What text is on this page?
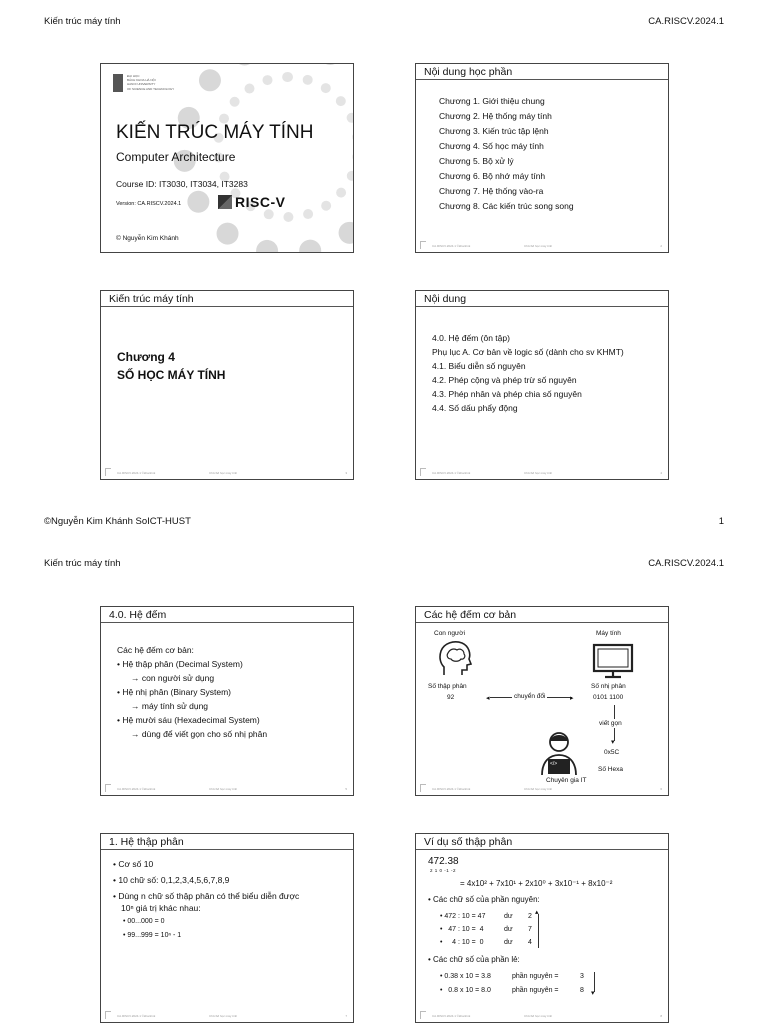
Kiến trúc máy tính	CA.RISCV.2024.1
ĐẠI HỌC
BÁCH KHOA HÀ NỘI
HANOI UNIVERSITY
OF SCIENCE AND TECHNOLOGY
KIẾN TRÚC MÁY TÍNH
Computer Architecture
Course ID: IT3030, IT3034, IT3283
Version: CA.RISCV.2024.1	RISC-V
© Nguyễn Kim Khánh
Nội dung học phần
Chương 1. Giới thiệu chung
Chương 2. Hệ thống máy tính
Chương 3. Kiến trúc tập lệnh
Chương 4. Số học máy tính
Chương 5. Bộ xử lý
Chương 6. Bộ nhớ máy tính
Chương 7. Hệ thống vào-ra
Chương 8. Các kiến trúc song song
CA.RISCV.2024.1 ©khanhnk	Ch4-Số học máy tính	2
Kiến trúc máy tính
Chương 4
SỐ HỌC MÁY TÍNH
CA.RISCV.2024.1 ©khanhnk	Ch4-Số học máy tính	3
Nội dung
4.0. Hệ đếm (ôn tập)
Phụ lục A. Cơ bản về logic số (dành cho sv KHMT)
4.1. Biểu diễn số nguyên
4.2. Phép cộng và phép trừ số nguyên
4.3. Phép nhân và phép chia số nguyên
4.4. Số dấu phẩy động
CA.RISCV.2024.1 ©khanhnk	Ch4-Số học máy tính	4
©Nguyễn Kim Khánh SoICT-HUST	1
Kiến trúc máy tính	CA.RISCV.2024.1
4.0. Hệ đếm
Các hệ đếm cơ bản:
• Hệ thập phân (Decimal System)
→ con người sử dụng
• Hệ nhị phân (Binary System)
→ máy tính sử dụng
• Hệ mười sáu (Hexadecimal System)
→ dùng để viết gọn cho số nhị phân
CA.RISCV.2024.1 ©khanhnk	Ch4-Số học máy tính	5
Các hệ đếm cơ bản
Con người	Máy tính
Số thập phân
92	◂	▸
chuyển đổi
Số nhị phân
0101 1100
▾
viết gọn
0x5C
Số Hexa
</>
Chuyên gia IT
CA.RISCV.2024.1 ©khanhnk	Ch4-Số học máy tính	6
1. Hệ thập phân
• Cơ số 10
• 10 chữ số: 0,1,2,3,4,5,6,7,8,9
• Dùng n chữ số thập phân có thể biểu diễn được
10ⁿ giá trị khác nhau:
• 00...000 = 0
• 99...999 = 10ⁿ - 1
CA.RISCV.2024.1 ©khanhnk	Ch4-Số học máy tính	7
Ví dụ số thập phân
472.38
2 1 0 -1 -2
= 4x10² + 7x10¹ + 2x10⁰ + 3x10⁻¹ + 8x10⁻²
• Các chữ số của phần nguyên:
• 472 : 10 = 47	dư 2
•   47 : 10 =  4	dư 7
•     4 : 10 =  0	dư 4
▴
• Các chữ số của phần lẻ:
• 0.38 x 10 = 3.8	phần nguyên =	3
•   0.8 x 10 = 8.0	phần nguyên =	8 ▾
CA.RISCV.2024.1 ©khanhnk	Ch4-Số học máy tính	8
